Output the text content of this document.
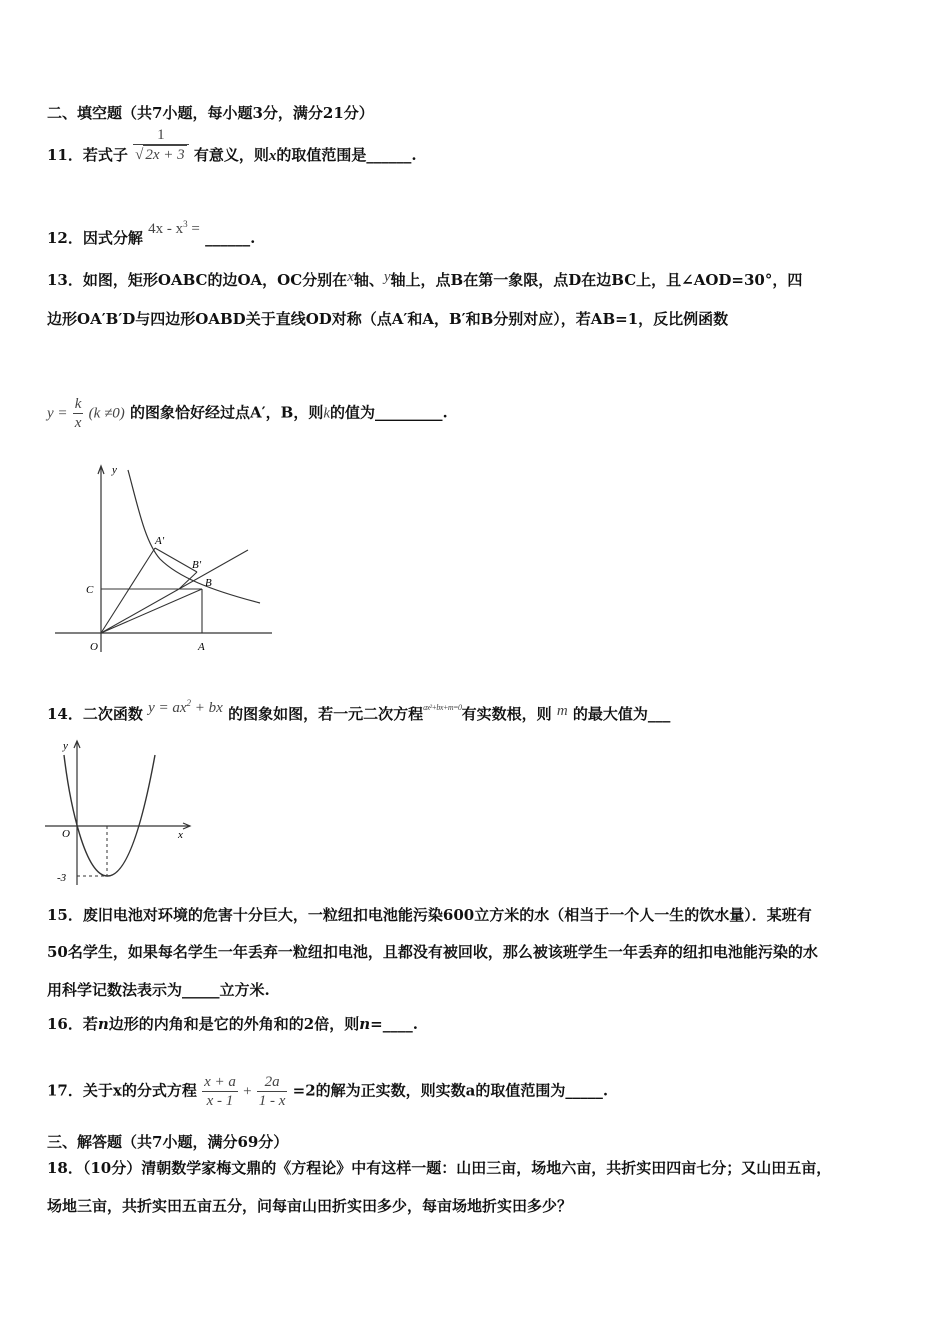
二、填空题（共7小题，每小题3分，满分21分）
11．若式子 $\frac{1}{√ 2x + 3}$ 有意义，则x的取值范围是______.
12．因式分解 $4x - x^3$ = ______.
13．如图，矩形OABC的边OA，OC分别在x轴、y轴上，点B在第一象限，点D在边BC上，且∠AOD=30°，四
边形OA′B′D与四边形OABD关于直线OD对称（点A′和A，B′和B分别对应），若AB=1，反比例函数
$y = \frac{k}{x} (k \ne 0)$ 的图象恰好经过点A′，B，则k的值为_________.
y
A'
B'
B
C
O	A
14．二次函数 $y = ax^2$ + bx 的图象如图，若一元二次方程$^{ax^2+bx+m=0}$有实数根，则 m 的最大值为___
y
x
O
-3
15．废旧电池对环境的危害十分巨大，一粒纽扣电池能污染600立方米的水（相当于一个人一生的饮水量）．某班有
50名学生，如果每名学生一年丢弃一粒纽扣电池，且都没有被回收，那么被该班学生一年丢弃的纽扣电池能污染的水
用科学记数法表示为_____立方米.
16．若n边形的内角和是它的外角和的2倍，则n=____.
17．关于x的分式方程 $\frac{x + a}{x - 1} + \frac{2a}{1 - x} =2$的解为正实数，则实数a的取值范围为_____.
三、解答题（共7小题，满分69分）
18．（10分）清朝数学家梅文鼎的《方程论》中有这样一题：山田三亩，场地六亩，共折实田四亩七分；又山田五亩，
场地三亩，共折实田五亩五分，问每亩山田折实田多少，每亩场地折实田多少？
